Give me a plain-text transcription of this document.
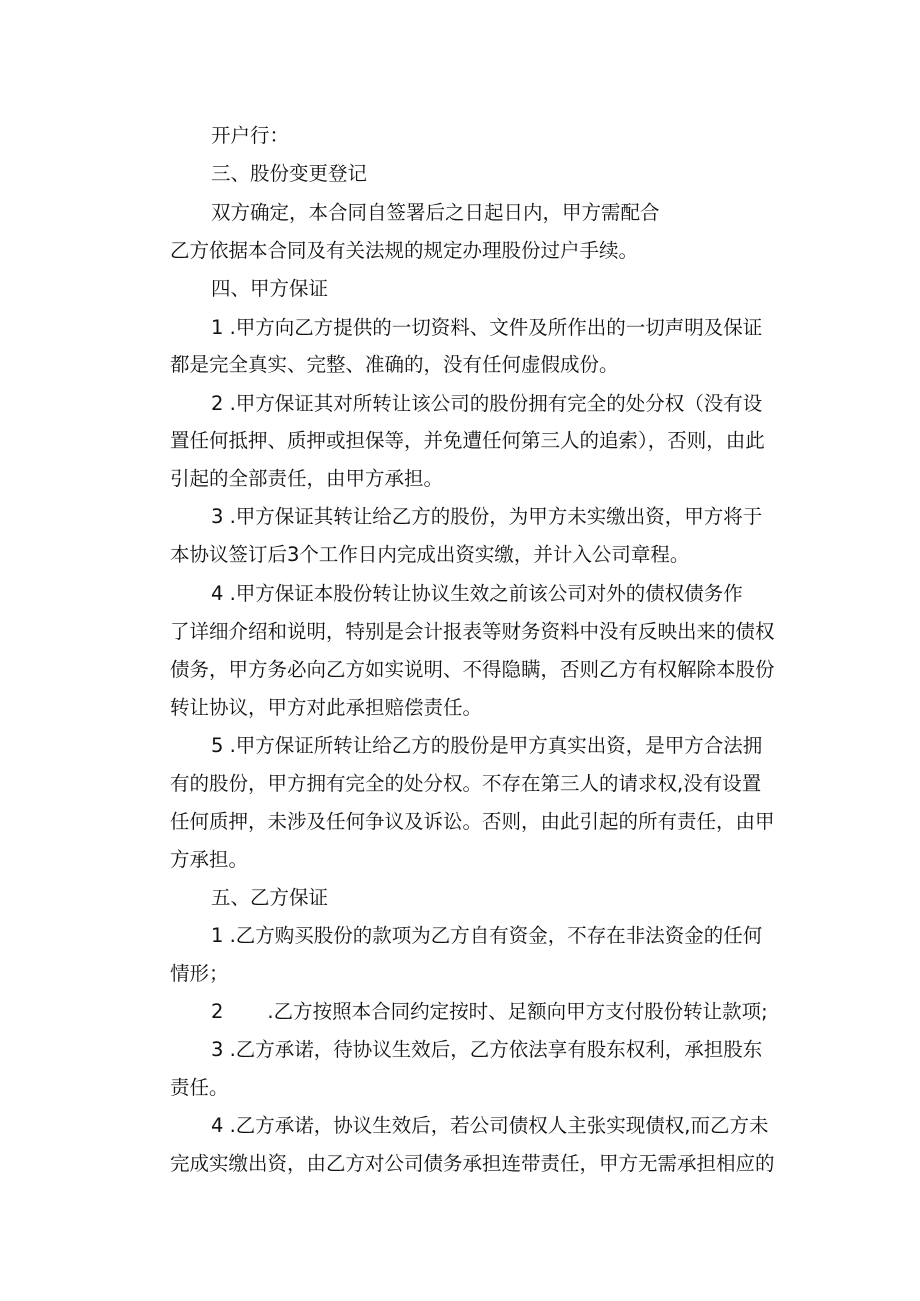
开户行：
三、股份变更登记
双方确定，本合同自签署后之日起日内，甲方需配合
乙方依据本合同及有关法规的规定办理股份过户手续。
四、甲方保证
1 .甲方向乙方提供的一切资料、文件及所作出的一切声明及保证
都是完全真实、完整、准确的，没有任何虚假成份。
2 .甲方保证其对所转让该公司的股份拥有完全的处分权（没有设
置任何抵押、质押或担保等，并免遭任何第三人的追索），否则，由此
引起的全部责任，由甲方承担。
3 .甲方保证其转让给乙方的股份，为甲方未实缴出资，甲方将于
本协议签订后3个工作日内完成出资实缴，并计入公司章程。
4 .甲方保证本股份转让协议生效之前该公司对外的债权债务作
了详细介绍和说明，特别是会计报表等财务资料中没有反映出来的债权
债务，甲方务必向乙方如实说明、不得隐瞒，否则乙方有权解除本股份
转让协议，甲方对此承担赔偿责任。
5 .甲方保证所转让给乙方的股份是甲方真实出资，是甲方合法拥
有的股份，甲方拥有完全的处分权。不存在第三人的请求权,没有设置
任何质押，未涉及任何争议及诉讼。否则，由此引起的所有责任，由甲
方承担。
五、乙方保证
1 .乙方购买股份的款项为乙方自有资金，不存在非法资金的任何
情形；
2 .乙方按照本合同约定按时、足额向甲方支付股份转让款项;
3 .乙方承诺，待协议生效后，乙方依法享有股东权利，承担股东
责任。
4 .乙方承诺，协议生效后，若公司债权人主张实现债权,而乙方未
完成实缴出资，由乙方对公司债务承担连带责任，甲方无需承担相应的
